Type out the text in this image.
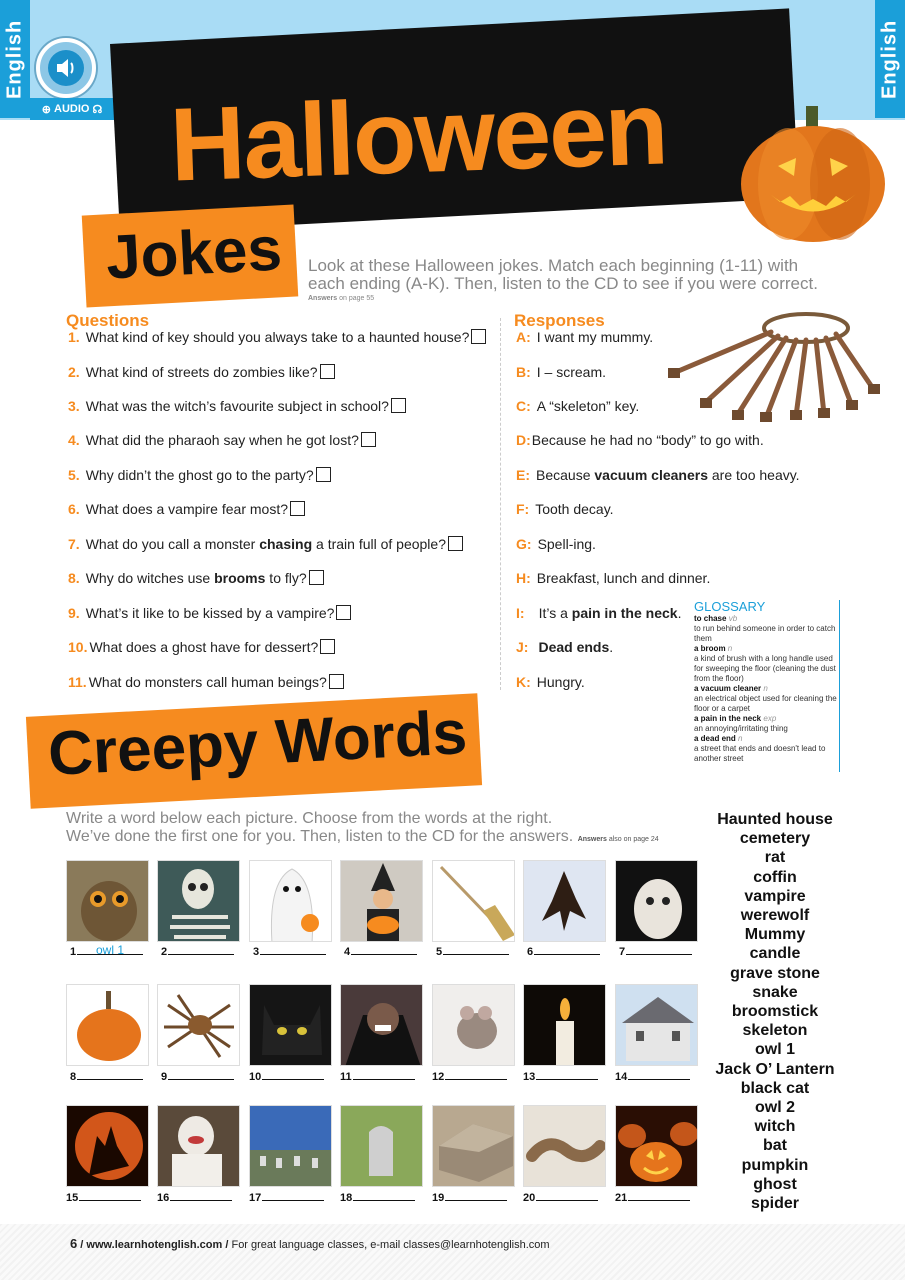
English	English
⊕ AUDIO ☊ Halloween
Jokes Look at these Halloween jokes. Match each beginning (1-11) with each ending (A-K). Then, listen to the CD to see if you were correct.
Answers on page 55
Questions
1. What kind of key should you always take to a haunted house?
2. What kind of streets do zombies like?
3. What was the witch’s favourite subject in school?
4. What did the pharaoh say when he got lost?
5. Why didn’t the ghost go to the party?
6. What does a vampire fear most?
7. What do you call a monster chasing a train full of people?
8. Why do witches use brooms to fly?
9. What’s it like to be kissed by a vampire?
10. What does a ghost have for dessert?
11. What do monsters call human beings?
Responses
A: I want my mummy.
B: I – scream.
C: A “skeleton” key.
D:Because he had no “body” to go with.
E: Because vacuum cleaners are too heavy.
F: Tooth decay.
G: Spell-ing.
H: Breakfast, lunch and dinner.
I: It’s a pain in the neck.
J: Dead ends.
K: Hungry.
GLOSSARY
to chase vb
to run behind someone in order to catch them
a broom n
a kind of brush with a long handle used for sweeping the floor (cleaning the dust from the floor)
a vacuum cleaner n
an electrical object used for cleaning the floor or a carpet
a pain in the neck exp
an annoying/irritating thing
a dead end n
a street that ends and doesn't lead to another street
Creepy Words
Write a word below each picture. Choose from the words at the right.
We’ve done the first one for you. Then, listen to the CD for the answers. Answers also on page 24
1	owl 1	2	3	4	5	6	7
8	9	10	11	12	13	14
15	16	17	18	19	20	21
Haunted house
cemetery
rat
coffin
vampire
werewolf
Mummy
candle
grave stone
snake
broomstick
skeleton
owl 1
Jack O’ Lantern
black cat
owl 2
witch
bat
pumpkin
ghost
spider
6 / www.learnhotenglish.com / For great language classes, e-mail classes@learnhotenglish.com
